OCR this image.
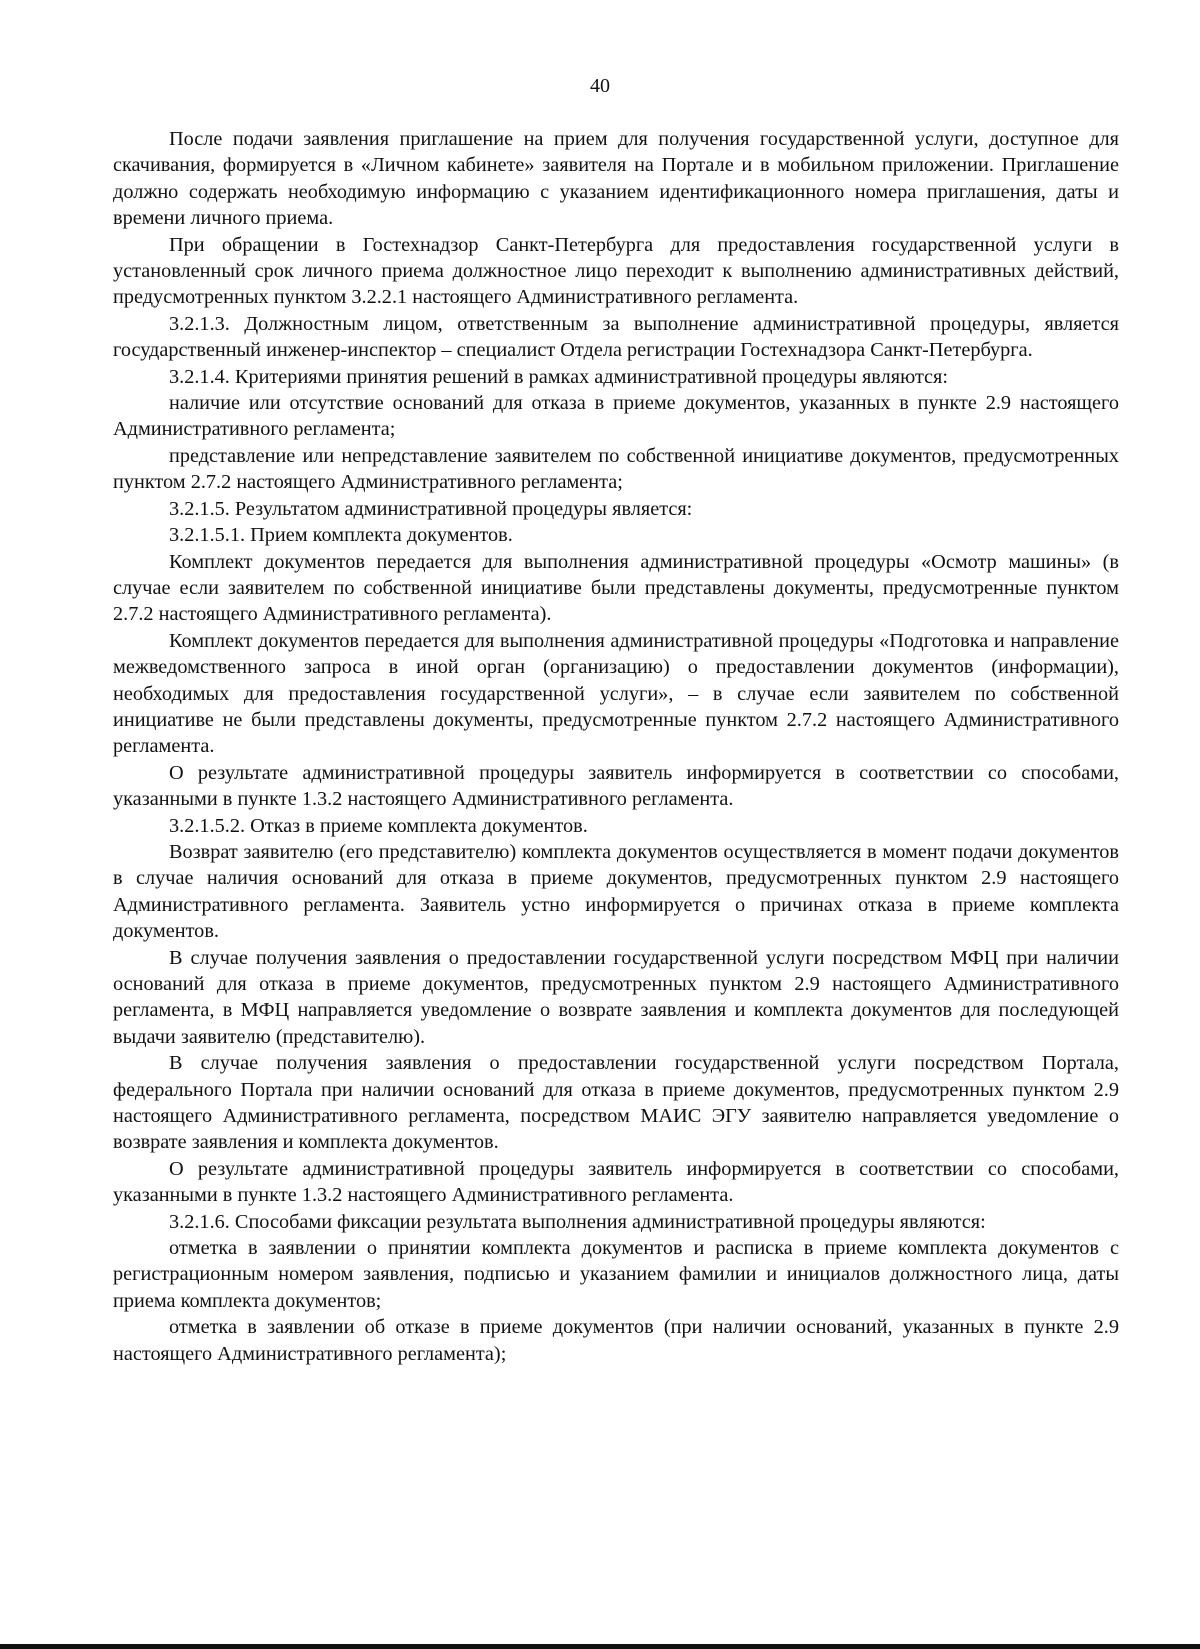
40

После подачи заявления приглашение на прием для получения государственной услуги, доступное для скачивания, формируется в «Личном кабинете» заявителя на Портале и в мобильном приложении. Приглашение должно содержать необходимую информацию с указанием идентификационного номера приглашения, даты и времени личного приема.

При обращении в Гостехнадзор Санкт-Петербурга для предоставления государственной услуги в установленный срок личного приема должностное лицо переходит к выполнению административных действий, предусмотренных пунктом 3.2.2.1 настоящего Административного регламента.

3.2.1.3. Должностным лицом, ответственным за выполнение административной процедуры, является государственный инженер-инспектор – специалист Отдела регистрации Гостехнадзора Санкт-Петербурга.

3.2.1.4. Критериями принятия решений в рамках административной процедуры являются:

наличие или отсутствие оснований для отказа в приеме документов, указанных в пункте 2.9 настоящего Административного регламента;

представление или непредставление заявителем по собственной инициативе документов, предусмотренных пунктом 2.7.2 настоящего Административного регламента;

3.2.1.5. Результатом административной процедуры является:

3.2.1.5.1. Прием комплекта документов.

Комплект документов передается для выполнения административной процедуры «Осмотр машины» (в случае если заявителем по собственной инициативе были представлены документы, предусмотренные пунктом 2.7.2 настоящего Административного регламента).

Комплект документов передается для выполнения административной процедуры «Подготовка и направление межведомственного запроса в иной орган (организацию) о предоставлении документов (информации), необходимых для предоставления государственной услуги», – в случае если заявителем по собственной инициативе не были представлены документы, предусмотренные пунктом 2.7.2 настоящего Административного регламента.

О результате административной процедуры заявитель информируется в соответствии со способами, указанными в пункте 1.3.2 настоящего Административного регламента.

3.2.1.5.2. Отказ в приеме комплекта документов.

Возврат заявителю (его представителю) комплекта документов осуществляется в момент подачи документов в случае наличия оснований для отказа в приеме документов, предусмотренных пунктом 2.9 настоящего Административного регламента. Заявитель устно информируется о причинах отказа в приеме комплекта документов.

В случае получения заявления о предоставлении государственной услуги посредством МФЦ при наличии оснований для отказа в приеме документов, предусмотренных пунктом 2.9 настоящего Административного регламента, в МФЦ направляется уведомление о возврате заявления и комплекта документов для последующей выдачи заявителю (представителю).

В случае получения заявления о предоставлении государственной услуги посредством Портала, федерального Портала при наличии оснований для отказа в приеме документов, предусмотренных пунктом 2.9 настоящего Административного регламента, посредством МАИС ЭГУ заявителю направляется уведомление о возврате заявления и комплекта документов.

О результате административной процедуры заявитель информируется в соответствии со способами, указанными в пункте 1.3.2 настоящего Административного регламента.

3.2.1.6. Способами фиксации результата выполнения административной процедуры являются:

отметка в заявлении о принятии комплекта документов и расписка в приеме комплекта документов с регистрационным номером заявления, подписью и указанием фамилии и инициалов должностного лица, даты приема комплекта документов;

отметка в заявлении об отказе в приеме документов (при наличии оснований, указанных в пункте 2.9 настоящего Административного регламента);
